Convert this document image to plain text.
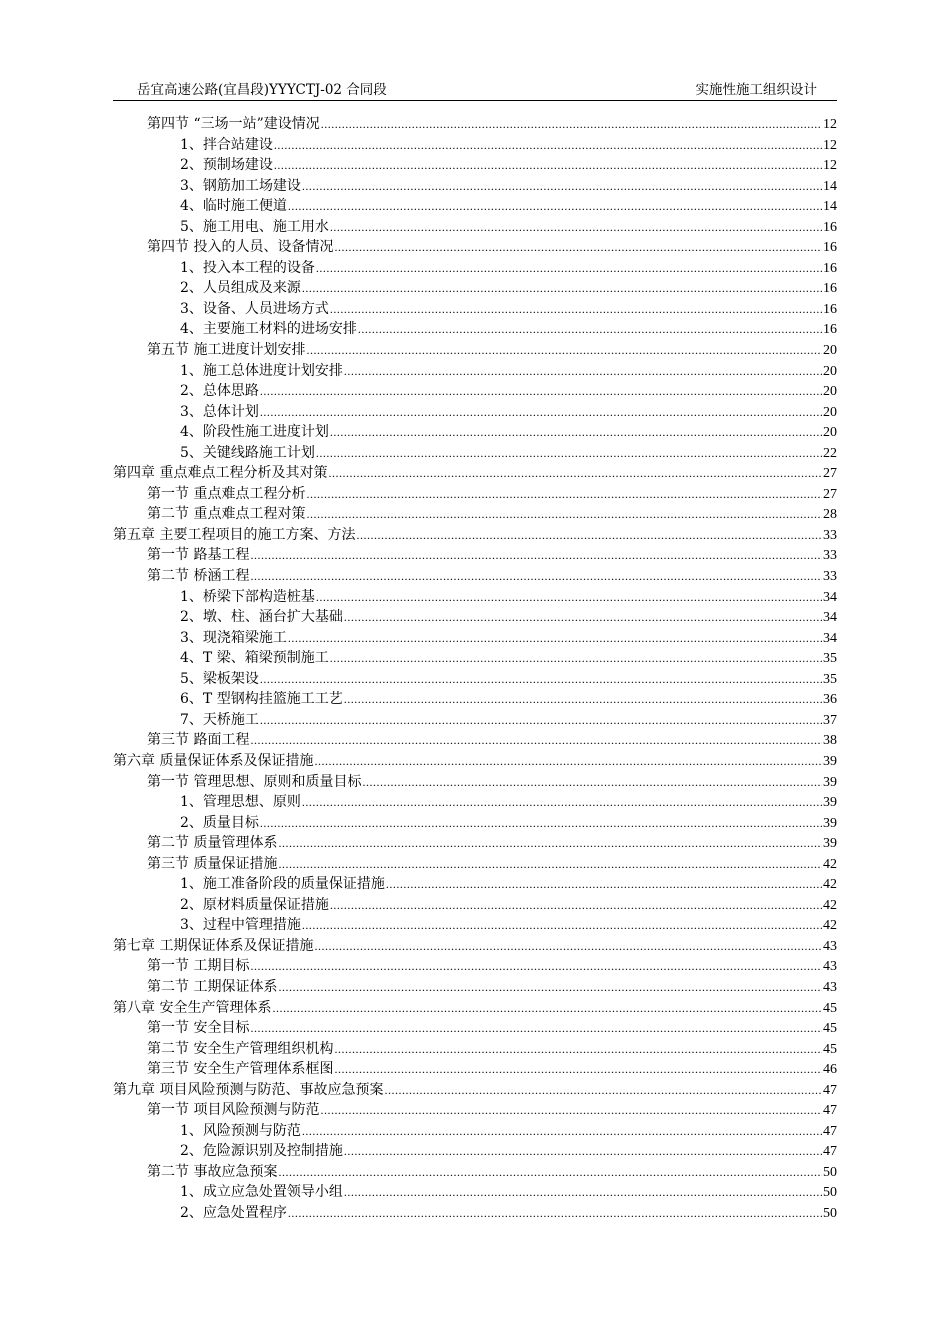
岳宜高速公路(宜昌段)YYYCTJ-02 合同段	实施性施工组织设计
第四节 “三场一站”建设情况 .....	12
1、拌合站建设 .....	12
2、预制场建设 .....	12
3、钢筋加工场建设 .....	14
4、临时施工便道 .....	14
5、施工用电、施工用水 .....	16
第四节 投入的人员、设备情况 .....	16
1、投入本工程的设备 .....	16
2、人员组成及来源 .....	16
3、设备、人员进场方式 .....	16
4、主要施工材料的进场安排 .....	16
第五节 施工进度计划安排 .....	20
1、施工总体进度计划安排 .....	20
2、总体思路 .....	20
3、总体计划 .....	20
4、阶段性施工进度计划 .....	20
5、关键线路施工计划 .....	22
第四章 重点难点工程分析及其对策 .....	27
第一节 重点难点工程分析 .....	27
第二节 重点难点工程对策 .....	28
第五章 主要工程项目的施工方案、方法 .....	33
第一节 路基工程 .....	33
第二节 桥涵工程 .....	33
1、桥梁下部构造桩基 .....	34
2、墩、柱、涵台扩大基础 .....	34
3、现浇箱梁施工 .....	34
4、T 梁、箱梁预制施工 .....	35
5、梁板架设 .....	35
6、T 型钢构挂篮施工工艺 .....	36
7、天桥施工 .....	37
第三节 路面工程 .....	38
第六章 质量保证体系及保证措施 .....	39
第一节 管理思想、原则和质量目标 .....	39
1、管理思想、原则 .....	39
2、质量目标 .....	39
第二节 质量管理体系 .....	39
第三节 质量保证措施 .....	42
1、施工准备阶段的质量保证措施 .....	42
2、原材料质量保证措施 .....	42
3、过程中管理措施 .....	42
第七章 工期保证体系及保证措施 .....	43
第一节 工期目标 .....	43
第二节 工期保证体系 .....	43
第八章 安全生产管理体系 .....	45
第一节 安全目标 .....	45
第二节 安全生产管理组织机构 .....	45
第三节 安全生产管理体系框图 .....	46
第九章 项目风险预测与防范、事故应急预案 .....	47
第一节 项目风险预测与防范 .....	47
1、风险预测与防范 .....	47
2、危险源识别及控制措施 .....	47
第二节 事故应急预案 .....	50
1、成立应急处置领导小组 .....	50
2、应急处置程序 .....	50
